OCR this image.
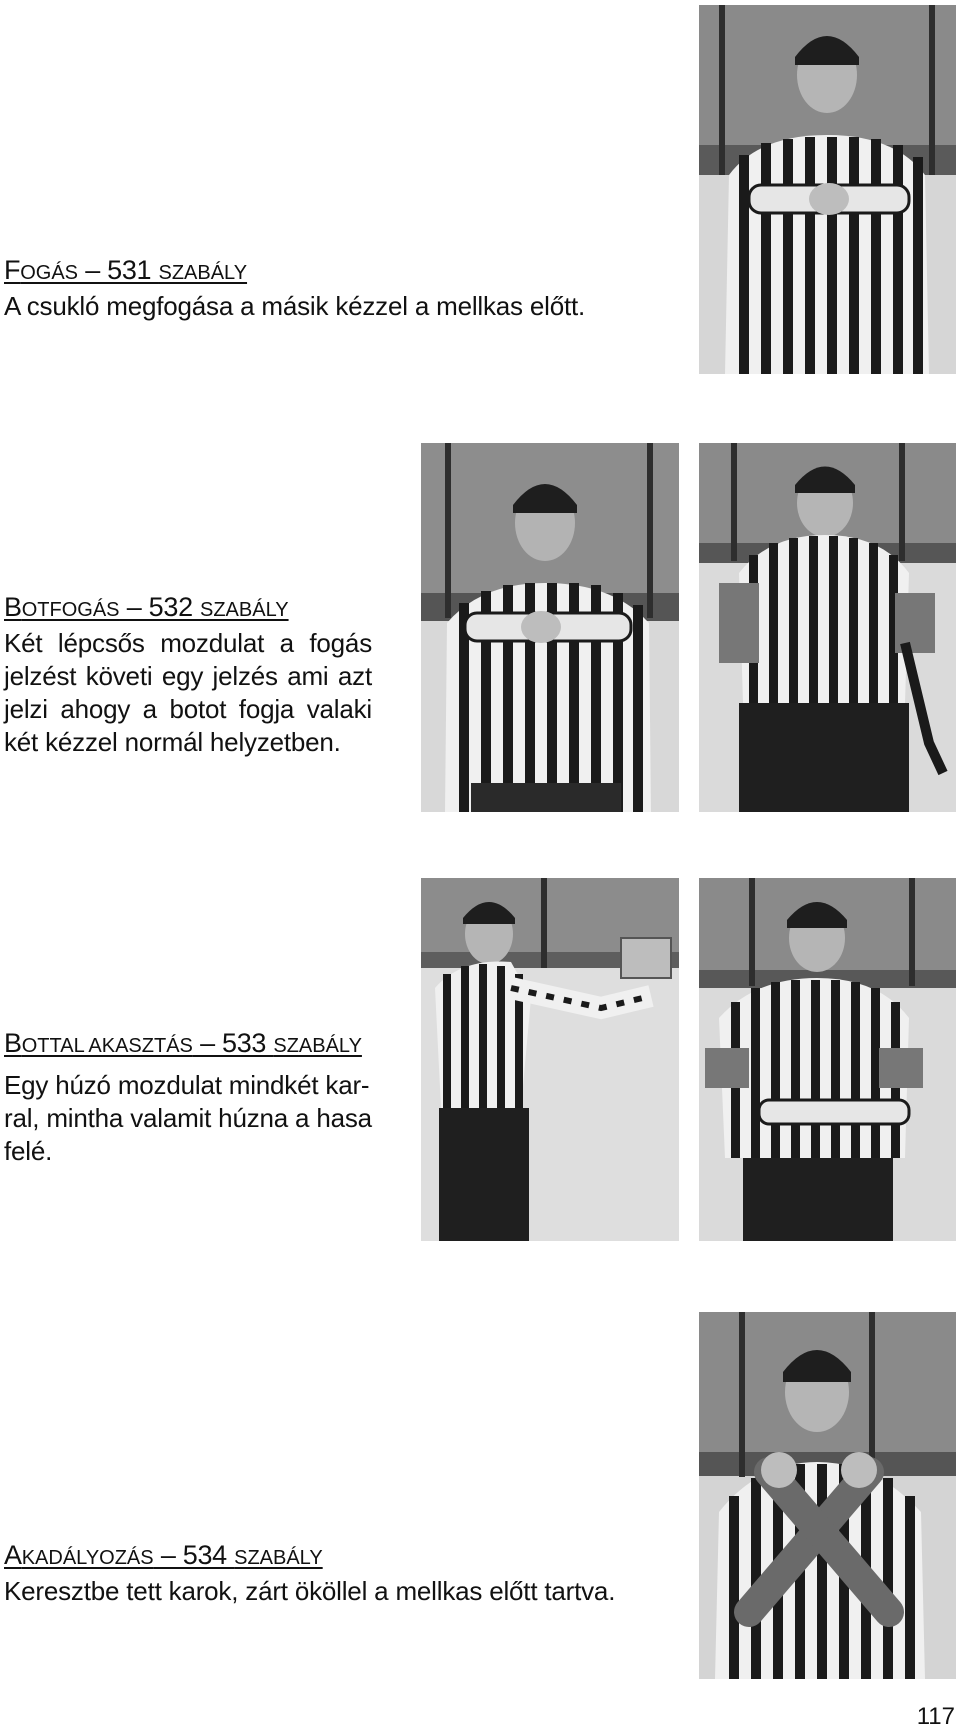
FOGÁS – 531 SZABÁLY

A csukló megfogása a másik kézzel a mellkas előtt.

BOTFOGÁS – 532 SZABÁLY

Két lépcsős mozdulat a fogás jelzést követi egy jelzés ami azt jelzi ahogy a botot fogja valaki két kézzel normál helyzetben.

BOTTAL AKASZTÁS – 533 SZABÁLY

Egy húzó mozdulat mindkét kar-ral, mintha valamit húzna a hasa felé.

AKADÁLYOZÁS – 534 SZABÁLY

Keresztbe tett karok, zárt ököllel a mellkas előtt tartva.

117
